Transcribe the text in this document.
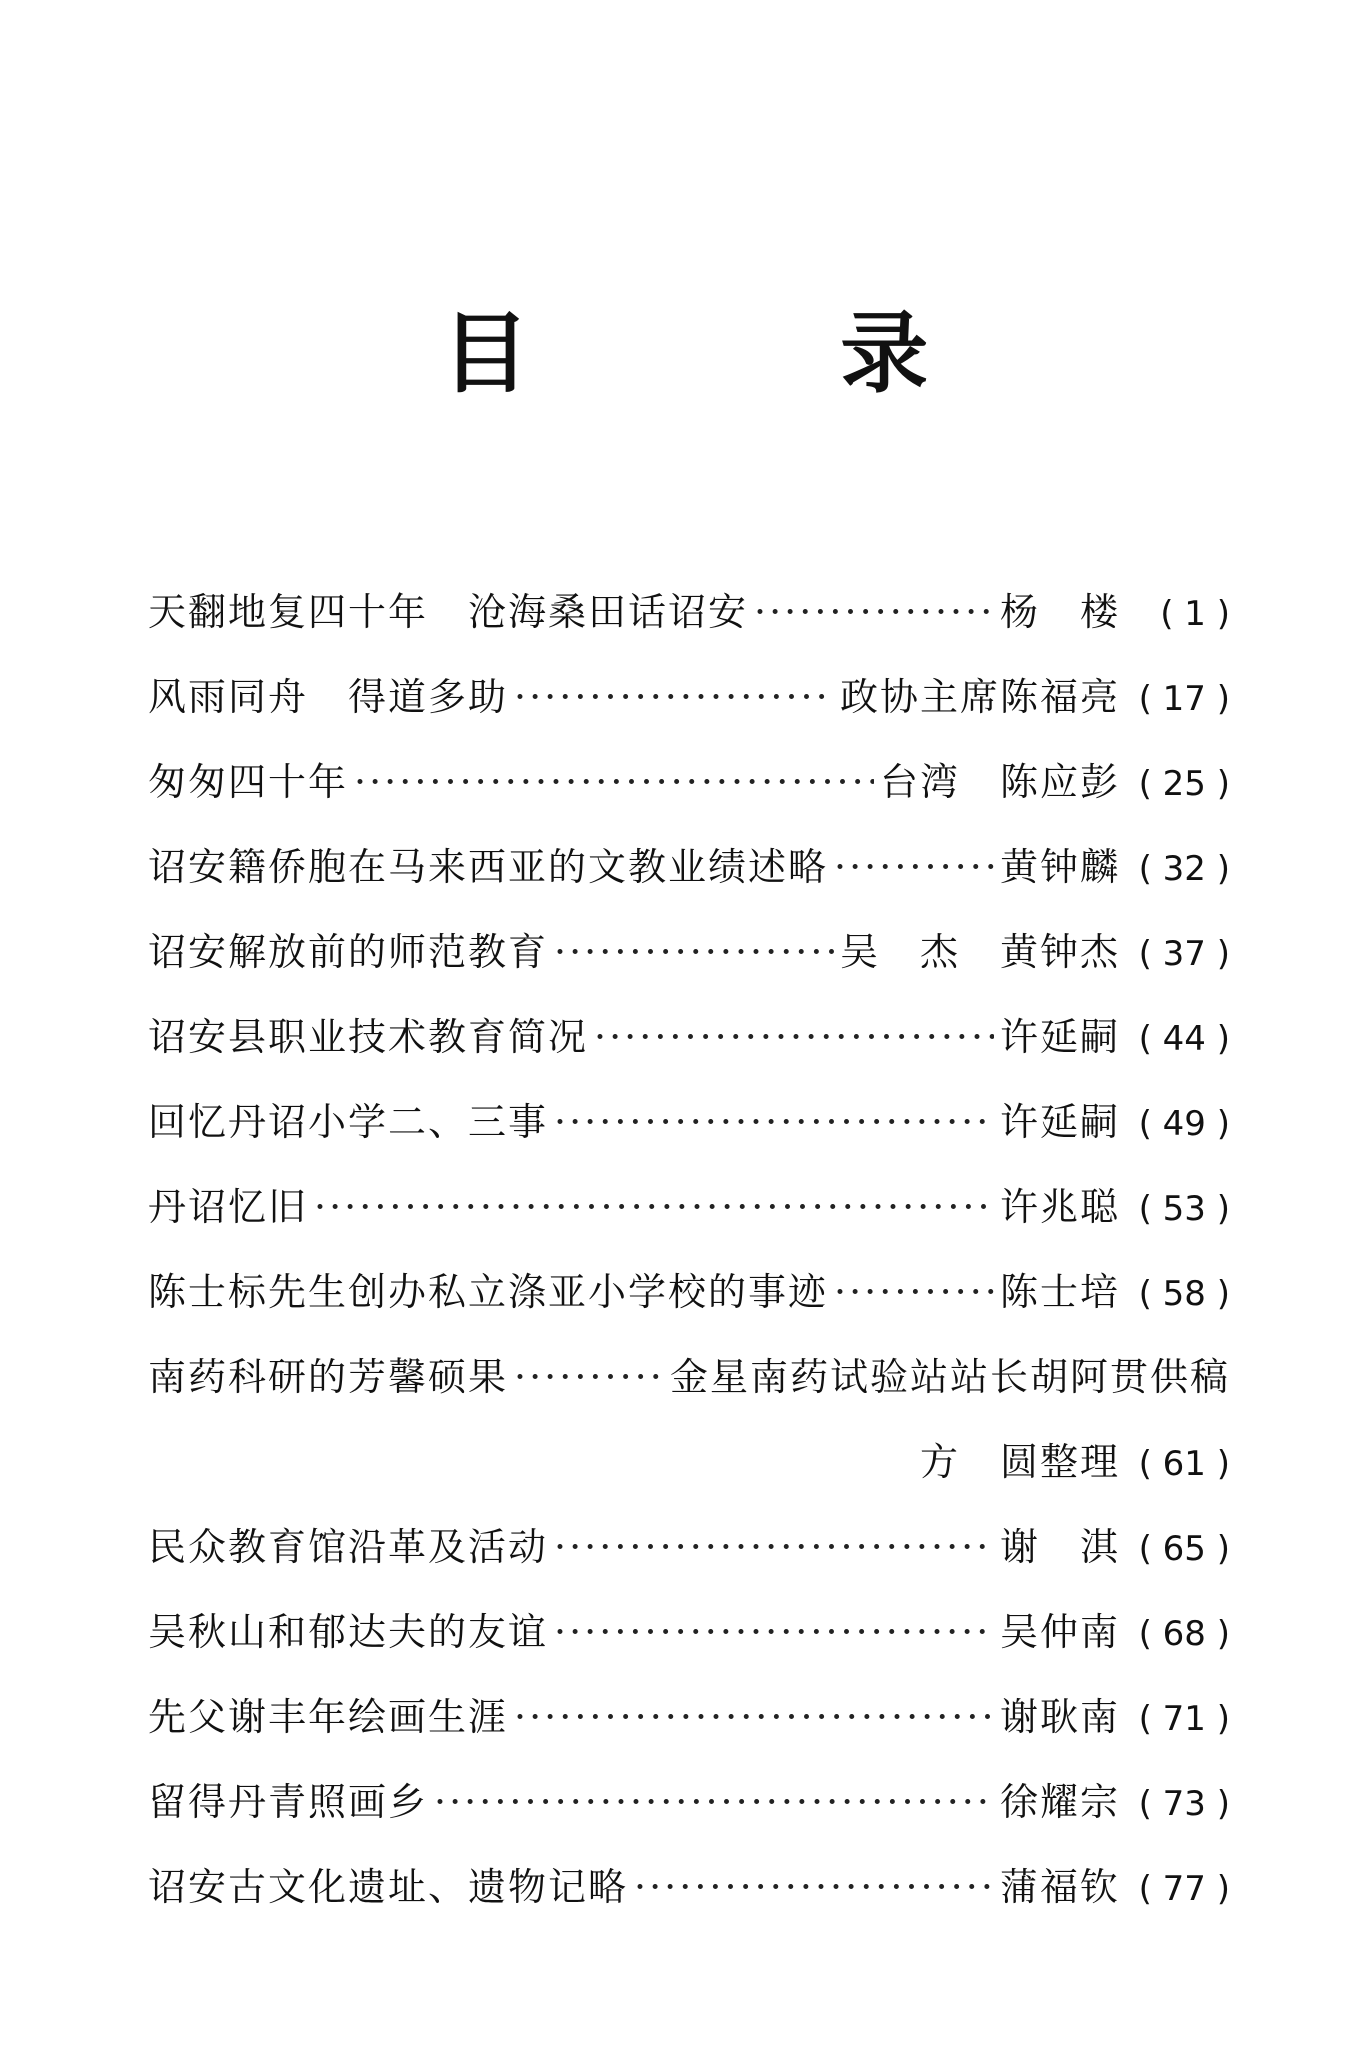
目 录
天翻地复四十年　沧海桑田话诏安 ·····	杨　楼	( 1 )
风雨同舟　得道多助 ·····	政协主席陈福亮 ( 17 )
匆匆四十年 ·····	台湾　陈应彭 ( 25 )
诏安籍侨胞在马来西亚的文教业绩述略 ·····	黄钟麟 ( 32 )
诏安解放前的师范教育 ·····	吴　杰　黄钟杰 ( 37 )
诏安县职业技术教育简况 ·····	许延嗣 ( 44 )
回忆丹诏小学二、三事 ·····	许延嗣 ( 49 )
丹诏忆旧 ·····	许兆聪 ( 53 )
陈士标先生创办私立涤亚小学校的事迹 ·····	陈士培 ( 58 )
南药科研的芳馨硕果 ·····	金星南药试验站站长胡阿贯供稿
方　圆整理 ( 61 )
民众教育馆沿革及活动 ·····	谢　淇 ( 65 )
吴秋山和郁达夫的友谊 ·····	吴仲南 ( 68 )
先父谢丰年绘画生涯 ·····	谢耿南 ( 71 )
留得丹青照画乡 ·····	徐耀宗 ( 73 )
诏安古文化遗址、遗物记略 ·····	蒲福钦 ( 77 )
